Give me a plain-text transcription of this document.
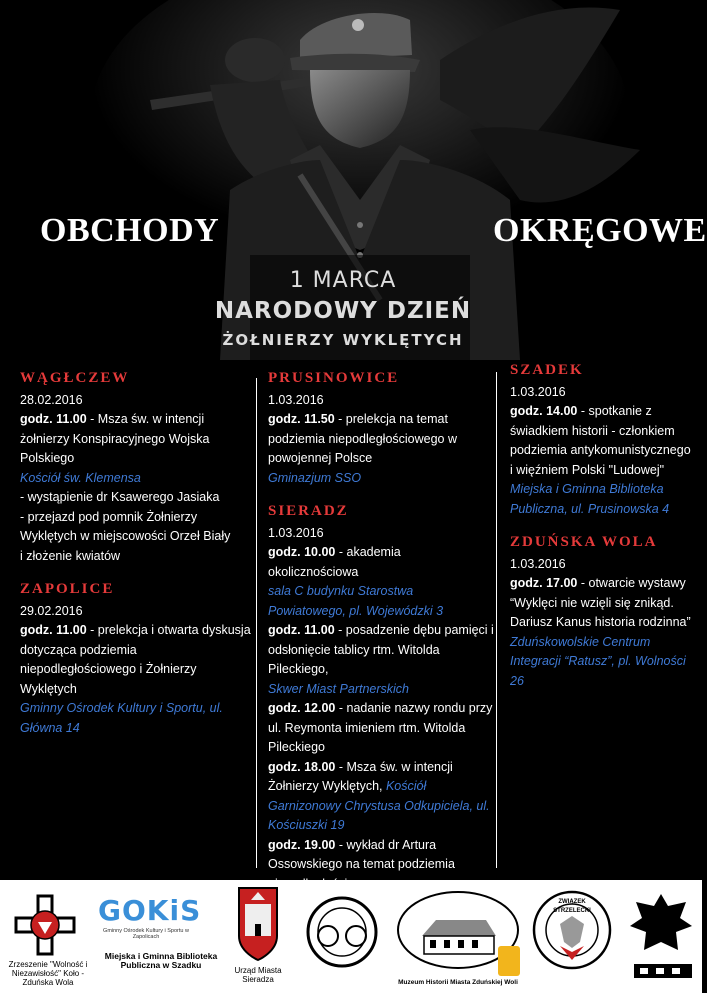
OBCHODY	OKRĘGOWE
1 MARCA
NARODOWY DZIEŃ
ŻOŁNIERZY WYKLĘTYCH
WĄGŁCZEW
28.02.2016
godz. 11.00 - Msza św. w intencji żołnierzy Konspiracyjnego Wojska Polskiego
Kościół św. Klemensa
- wystąpienie dr Ksawerego Jasiaka
- przejazd pod pomnik Żołnierzy Wyklętych w miejscowości Orzeł Biały
i złożenie kwiatów
ZAPOLICE
29.02.2016
godz. 11.00 - prelekcja i otwarta dyskusja dotycząca podziemia niepodległościowego i Żołnierzy Wyklętych
Gminny Ośrodek Kultury i Sportu, ul. Główna 14
PRUSINOWICE
1.03.2016
godz. 11.50 - prelekcja na temat podziemia niepodległościowego w powojennej Polsce
Gminazjum SSO
SIERADZ
1.03.2016
godz. 10.00 - akademia okolicznościowa
sala C budynku Starostwa Powiatowego, pl. Wojewódzki 3
godz. 11.00 - posadzenie dębu pamięci i odsłonięcie tablicy rtm. Witolda Pileckiego,
Skwer Miast Partnerskich
godz. 12.00 - nadanie nazwy rondu przy ul. Reymonta imieniem rtm. Witolda Pileckiego
godz. 18.00 - Msza św. w intencji Żołnierzy Wyklętych, Kościół Garnizonowy Chrystusa Odkupiciela, ul. Kościuszki 19
godz. 19.00 - wykład dr Artura Ossowskiego na temat podziemia
SZADEK
1.03.2016
godz. 14.00 - spotkanie z świadkiem historii - członkiem podziemia antykomunistycznego i więźniem Polski "Ludowej"
Miejska i Gminna Biblioteka Publiczna, ul. Prusinowska 4
ZDUŃSKA WOLA
1.03.2016
godz. 17.00 - otwarcie wystawy “Wyklęci nie wzięli się znikąd. Dariusz Kanus historia rodzinna”
Zduńskowolskie Centrum Integracji “Ratusz”, pl. Wolności 26
Zrzeszenie "Wolność i Niezawisłość" Koło - Zduńska Wola
GOKiS
Gminny Ośrodek Kultury i Sportu w Zapolicach
Miejska i Gminna Biblioteka Publiczna w Szadku
Urząd Miasta Sieradza	Muzeum Historii Miasta Zduńskiej Woli
ZWIĄZEK STRZELECKI
